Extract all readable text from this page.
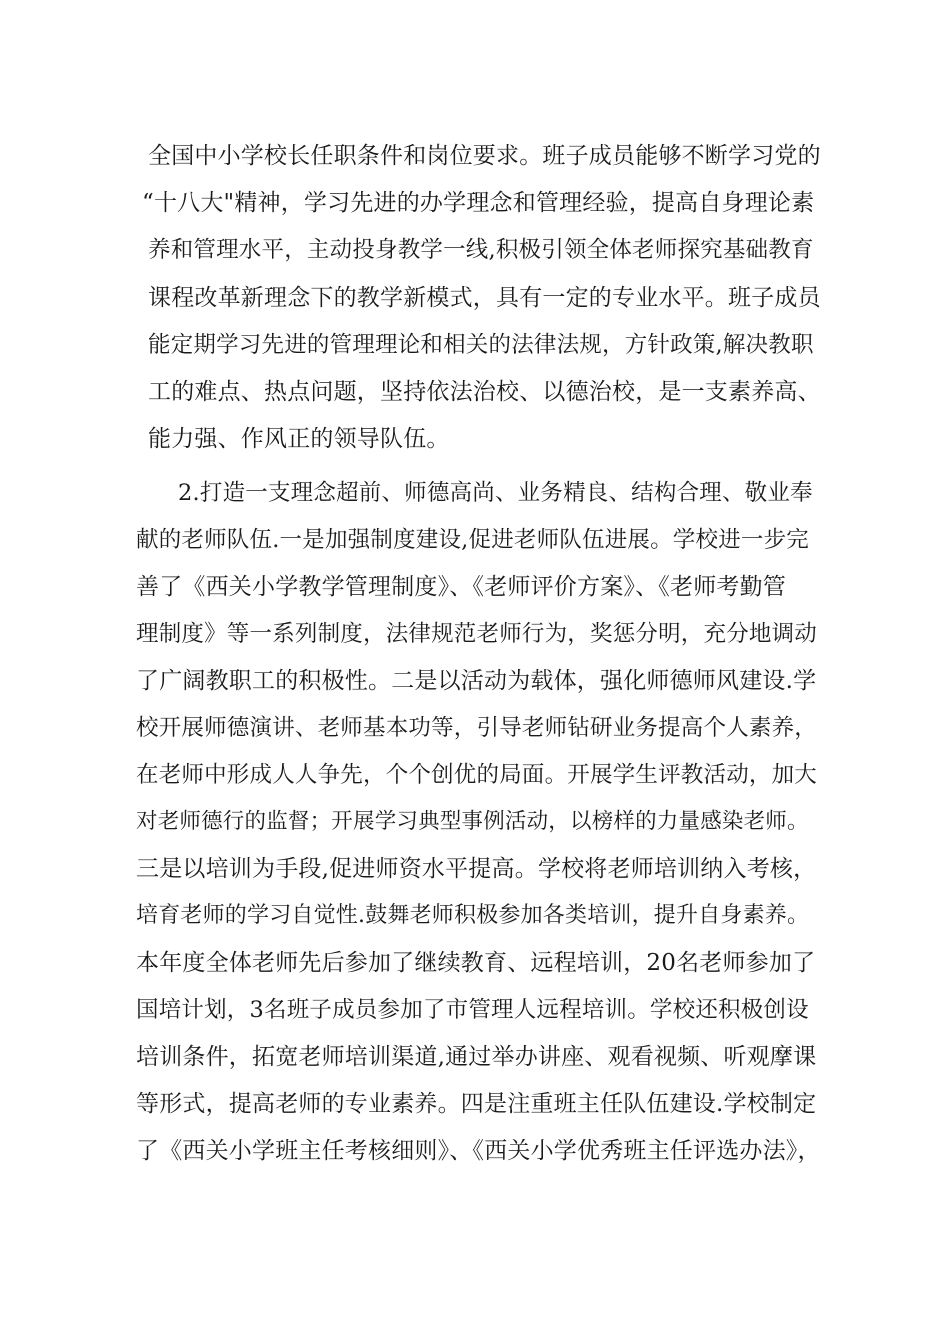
全国中小学校长任职条件和岗位要求。班子成员能够不断学习党的
“十八大"精神，学习先进的办学理念和管理经验，提高自身理论素
养和管理水平，主动投身教学一线,积极引领全体老师探究基础教育
课程改革新理念下的教学新模式，具有一定的专业水平。班子成员
能定期学习先进的管理理论和相关的法律法规，方针政策,解决教职
工的难点、热点问题，坚持依法治校、以德治校，是一支素养高、
能力强、作风正的领导队伍。
2.打造一支理念超前、师德高尚、业务精良、结构合理、敬业奉
献的老师队伍.一是加强制度建设,促进老师队伍进展。学校进一步完
善了《西关小学教学管理制度》、《老师评价方案》、《老师考勤管
理制度》等一系列制度，法律规范老师行为，奖惩分明，充分地调动
了广阔教职工的积极性。二是以活动为载体，强化师德师风建设.学
校开展师德演讲、老师基本功等，引导老师钻研业务提高个人素养，
在老师中形成人人争先，个个创优的局面。开展学生评教活动，加大
对老师德行的监督；开展学习典型事例活动，以榜样的力量感染老师。
三是以培训为手段,促进师资水平提高。学校将老师培训纳入考核，
培育老师的学习自觉性.鼓舞老师积极参加各类培训，提升自身素养。
本年度全体老师先后参加了继续教育、远程培训，20名老师参加了
国培计划，3名班子成员参加了市管理人远程培训。学校还积极创设
培训条件，拓宽老师培训渠道,通过举办讲座、观看视频、听观摩课
等形式，提高老师的专业素养。四是注重班主任队伍建设.学校制定
了《西关小学班主任考核细则》、《西关小学优秀班主任评选办法》，
